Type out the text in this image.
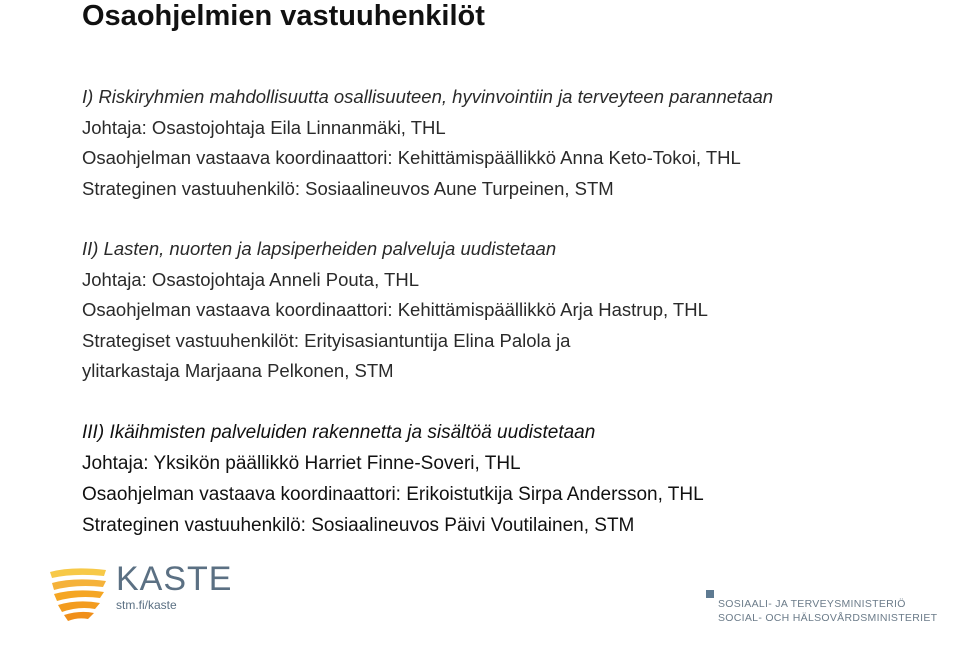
Osaohjelmien vastuuhenkilöt
I) Riskiryhmien mahdollisuutta osallisuuteen, hyvinvointiin ja terveyteen parannetaan
Johtaja: Osastojohtaja Eila Linnanmäki, THL
Osaohjelman vastaava koordinaattori: Kehittämispäällikkö Anna Keto-Tokoi, THL
Strateginen vastuuhenkilö: Sosiaalineuvos Aune Turpeinen, STM
II) Lasten, nuorten ja lapsiperheiden palveluja uudistetaan
Johtaja: Osastojohtaja Anneli Pouta, THL
Osaohjelman vastaava koordinaattori: Kehittämispäällikkö Arja Hastrup, THL
Strategiset vastuuhenkilöt: Erityisasiantuntija Elina Palola ja
ylitarkastaja Marjaana Pelkonen, STM
III) Ikäihmisten palveluiden rakennetta ja sisältöä uudistetaan
Johtaja: Yksikön päällikkö Harriet Finne-Soveri, THL
Osaohjelman vastaava koordinaattori: Erikoistutkija Sirpa Andersson, THL
Strateginen vastuuhenkilö: Sosiaalineuvos Päivi Voutilainen, STM
KASTE
stm.fi/kaste	SOSIAALI- JA TERVEYSMINISTERIÖ
SOCIAL- OCH HÄLSOVÅRDSMINISTERIET
